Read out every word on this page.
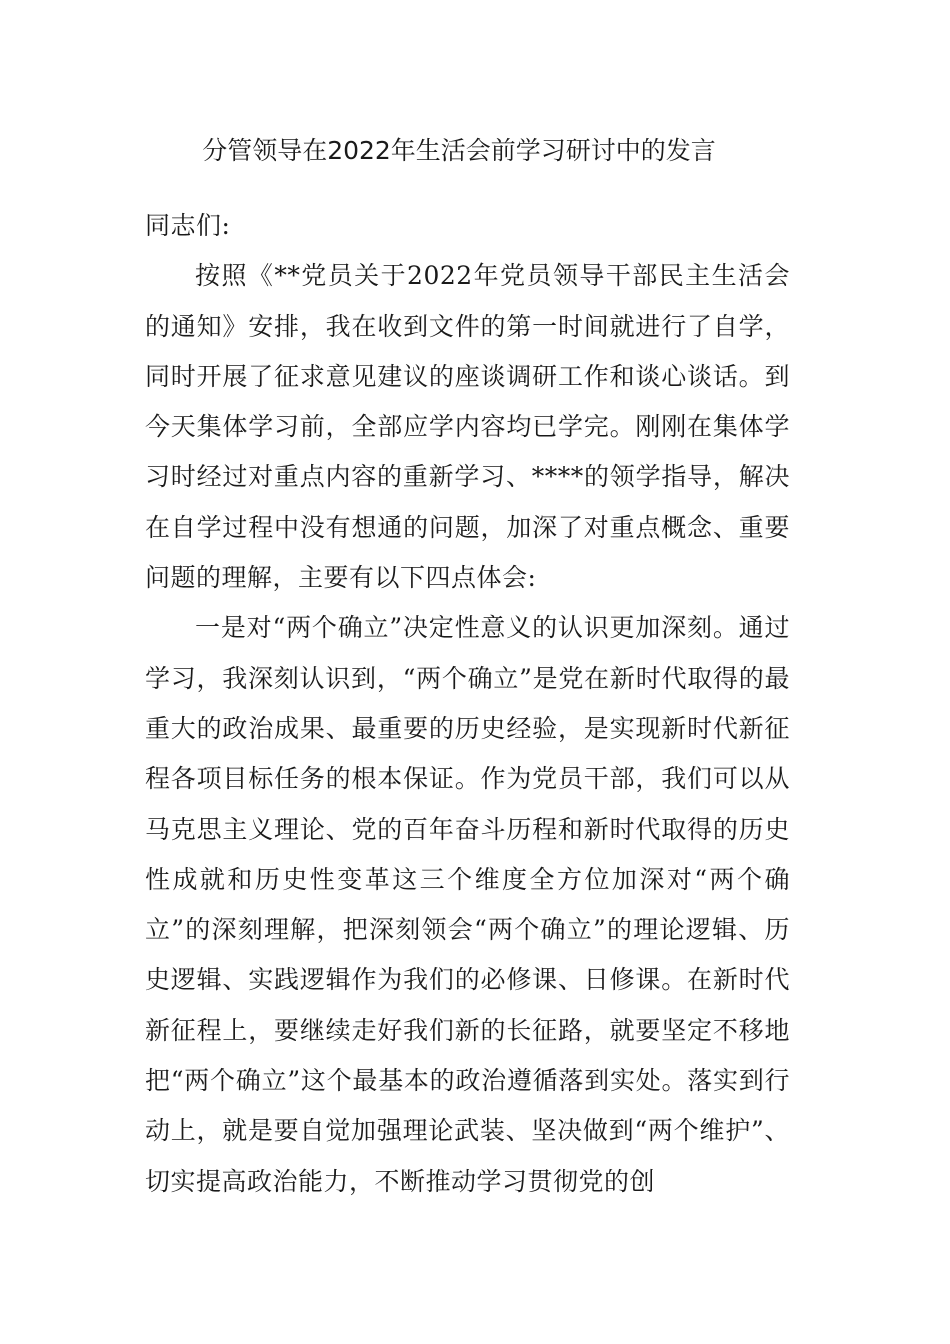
分管领导在2022年生活会前学习研讨中的发言

同志们:

按照《**党员关于2022年党员领导干部民主生活会的通知》安排，我在收到文件的第一时间就进行了自学，同时开展了征求意见建议的座谈调研工作和谈心谈话。到今天集体学习前，全部应学内容均已学完。刚刚在集体学习时经过对重点内容的重新学习、****的领学指导，解决在自学过程中没有想通的问题，加深了对重点概念、重要问题的理解，主要有以下四点体会:

一是对“两个确立”决定性意义的认识更加深刻。通过学习，我深刻认识到，“两个确立”是党在新时代取得的最重大的政治成果、最重要的历史经验，是实现新时代新征程各项目标任务的根本保证。作为党员干部，我们可以从马克思主义理论、党的百年奋斗历程和新时代取得的历史性成就和历史性变革这三个维度全方位加深对“两个确立”的深刻理解，把深刻领会“两个确立”的理论逻辑、历史逻辑、实践逻辑作为我们的必修课、日修课。在新时代新征程上，要继续走好我们新的长征路，就要坚定不移地把“两个确立”这个最基本的政治遵循落到实处。落实到行动上，就是要自觉加强理论武装、坚决做到“两个维护”、切实提高政治能力，不断推动学习贯彻党的创
